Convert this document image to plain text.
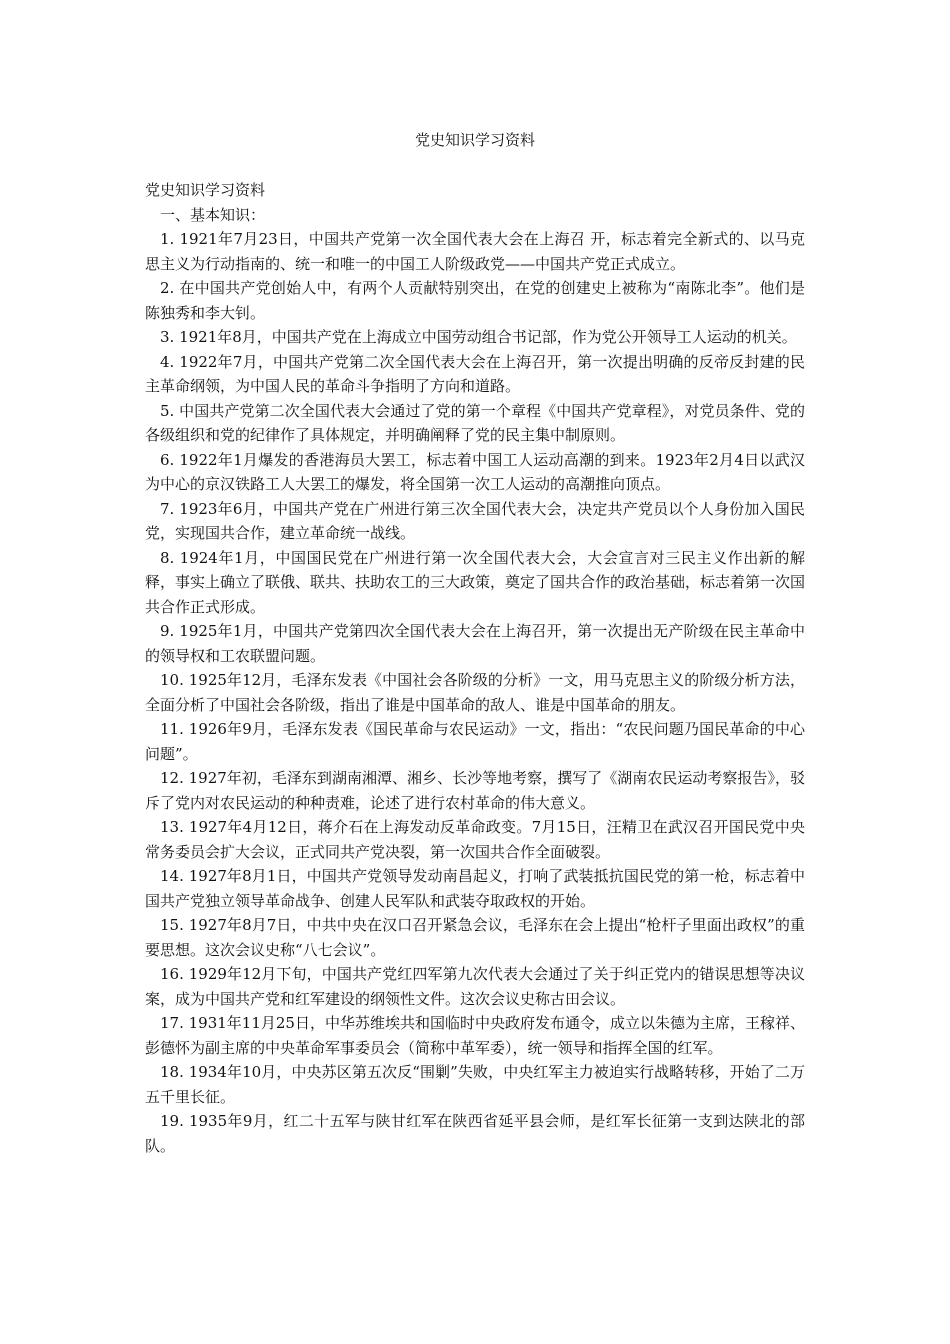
党史知识学习资料

党史知识学习资料

一、基本知识：

1. 1921年7月23日，中国共产党第一次全国代表大会在上海召 开，标志着完全新式的、以马克思主义为行动指南的、统一和唯一的中国工人阶级政党——中国共产党正式成立。

2. 在中国共产党创始人中，有两个人贡献特别突出，在党的创建史上被称为“南陈北李”。他们是陈独秀和李大钊。

3. 1921年8月，中国共产党在上海成立中国劳动组合书记部，作为党公开领导工人运动的机关。

4. 1922年7月，中国共产党第二次全国代表大会在上海召开，第一次提出明确的反帝反封建的民主革命纲领，为中国人民的革命斗争指明了方向和道路。

5. 中国共产党第二次全国代表大会通过了党的第一个章程《中国共产党章程》，对党员条件、党的各级组织和党的纪律作了具体规定，并明确阐释了党的民主集中制原则。

6. 1922年1月爆发的香港海员大罢工，标志着中国工人运动高潮的到来。1923年2月4日以武汉为中心的京汉铁路工人大罢工的爆发，将全国第一次工人运动的高潮推向顶点。

7. 1923年6月，中国共产党在广州进行第三次全国代表大会，决定共产党员以个人身份加入国民党，实现国共合作，建立革命统一战线。

8. 1924年1月，中国国民党在广州进行第一次全国代表大会，大会宣言对三民主义作出新的解释，事实上确立了联俄、联共、扶助农工的三大政策，奠定了国共合作的政治基础，标志着第一次国共合作正式形成。

9. 1925年1月，中国共产党第四次全国代表大会在上海召开，第一次提出无产阶级在民主革命中的领导权和工农联盟问题。

10. 1925年12月，毛泽东发表《中国社会各阶级的分析》一文，用马克思主义的阶级分析方法，全面分析了中国社会各阶级，指出了谁是中国革命的敌人、谁是中国革命的朋友。

11. 1926年9月，毛泽东发表《国民革命与农民运动》一文，指出：“农民问题乃国民革命的中心问题”。

12. 1927年初，毛泽东到湖南湘潭、湘乡、长沙等地考察，撰写了《湖南农民运动考察报告》，驳斥了党内对农民运动的种种责难，论述了进行农村革命的伟大意义。

13. 1927年4月12日，蒋介石在上海发动反革命政变。7月15日，汪精卫在武汉召开国民党中央常务委员会扩大会议，正式同共产党决裂，第一次国共合作全面破裂。

14. 1927年8月1日，中国共产党领导发动南昌起义，打响了武装抵抗国民党的第一枪，标志着中国共产党独立领导革命战争、创建人民军队和武装夺取政权的开始。

15. 1927年8月7日，中共中央在汉口召开紧急会议，毛泽东在会上提出“枪杆子里面出政权”的重要思想。这次会议史称“八七会议”。

16. 1929年12月下旬，中国共产党红四军第九次代表大会通过了关于纠正党内的错误思想等决议案，成为中国共产党和红军建设的纲领性文件。这次会议史称古田会议。

17. 1931年11月25日，中华苏维埃共和国临时中央政府发布通令，成立以朱德为主席，王稼祥、彭德怀为副主席的中央革命军事委员会（简称中革军委），统一领导和指挥全国的红军。

18. 1934年10月，中央苏区第五次反“围剿”失败，中央红军主力被迫实行战略转移，开始了二万五千里长征。

19. 1935年9月，红二十五军与陕甘红军在陕西省延平县会师，是红军长征第一支到达陕北的部队。
